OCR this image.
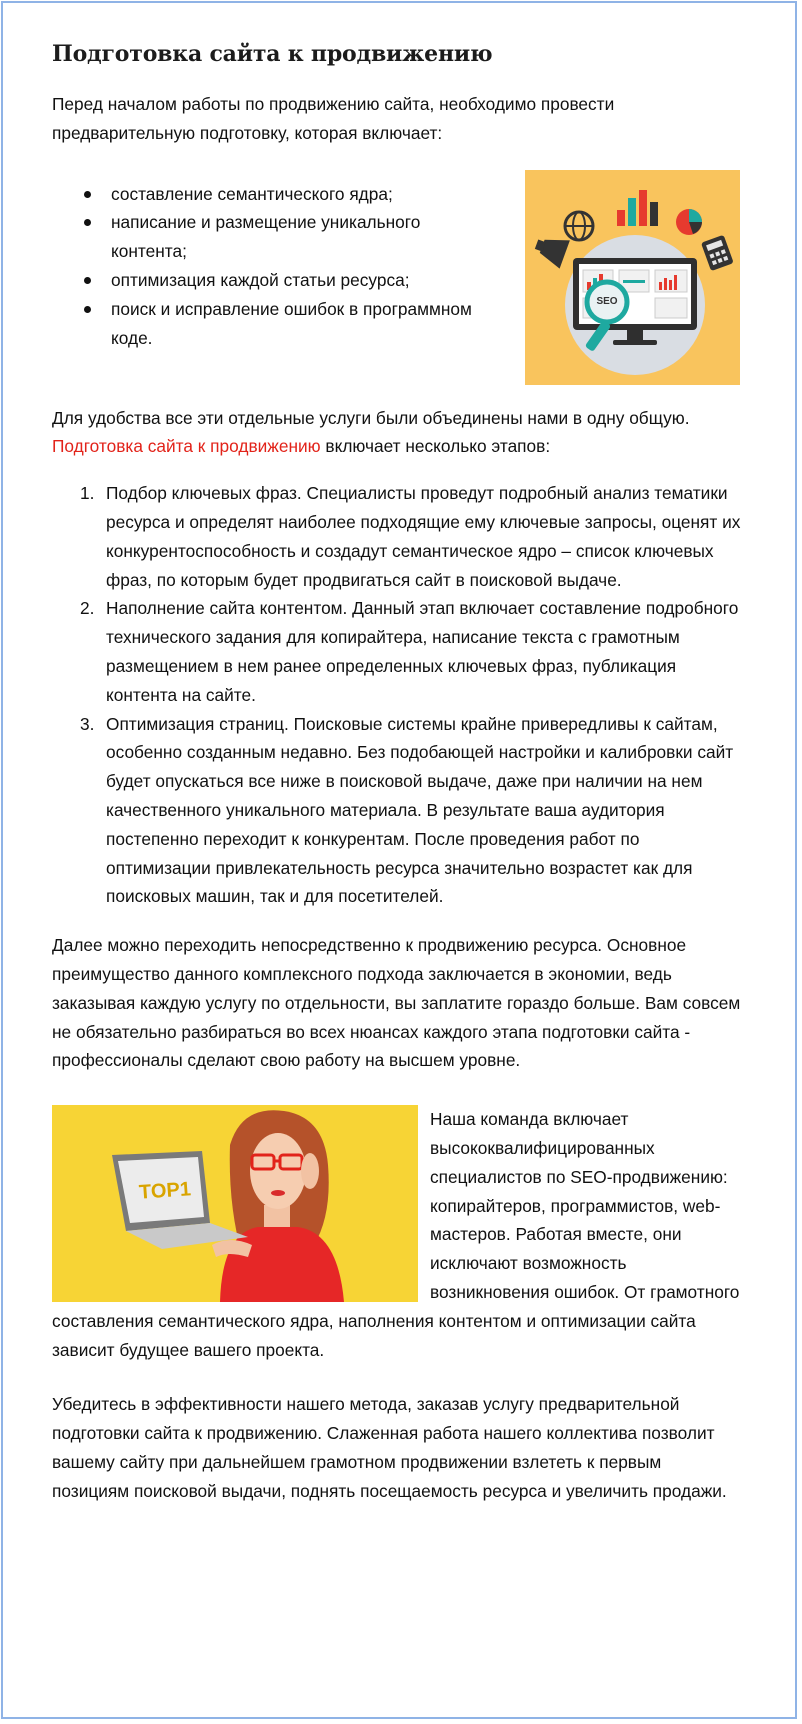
Подготовка сайта к продвижению

Перед началом работы по продвижению сайта, необходимо провести предварительную подготовку, которая включает:

составление семантического ядра;
написание и размещение уникального контента;
оптимизация каждой статьи ресурса;
поиск и исправление ошибок в программном коде.
SEO

Для удобства все эти отдельные услуги были объединены нами в одну общую. Подготовка сайта к продвижению включает несколько этапов:

1. Подбор ключевых фраз. Специалисты проведут подробный анализ тематики ресурса и определят наиболее подходящие ему ключевые запросы, оценят их конкурентоспособность и создадут семантическое ядро – список ключевых фраз, по которым будет продвигаться сайт в поисковой выдаче.
2. Наполнение сайта контентом. Данный этап включает составление подробного технического задания для копирайтера, написание текста с грамотным размещением в нем ранее определенных ключевых фраз, публикация контента на сайте.
3. Оптимизация страниц. Поисковые системы крайне привередливы к сайтам, особенно созданным недавно. Без подобающей настройки и калибровки сайт будет опускаться все ниже в поисковой выдаче, даже при наличии на нем качественного уникального материала. В результате ваша аудитория постепенно переходит к конкурентам. После проведения работ по оптимизации привлекательность ресурса значительно возрастет как для поисковых машин, так и для посетителей.

Далее можно переходить непосредственно к продвижению ресурса. Основное преимущество данного комплексного подхода заключается в экономии, ведь заказывая каждую услугу по отдельности, вы заплатите гораздо больше. Вам совсем не обязательно разбираться во всех нюансах каждого этапа подготовки сайта - профессионалы сделают свою работу на высшем уровне.

TOP1

Наша команда включает высококвалифицированных специалистов по SEO-продвижению: копирайтеров, программистов, web-мастеров. Работая вместе, они исключают возможность возникновения ошибок. От грамотного составления семантического ядра, наполнения контентом и оптимизации сайта зависит будущее вашего проекта.

Убедитесь в эффективности нашего метода, заказав услугу предварительной подготовки сайта к продвижению. Слаженная работа нашего коллектива позволит вашему сайту при дальнейшем грамотном продвижении взлететь к первым позициям поисковой выдачи, поднять посещаемость ресурса и увеличить продажи.
